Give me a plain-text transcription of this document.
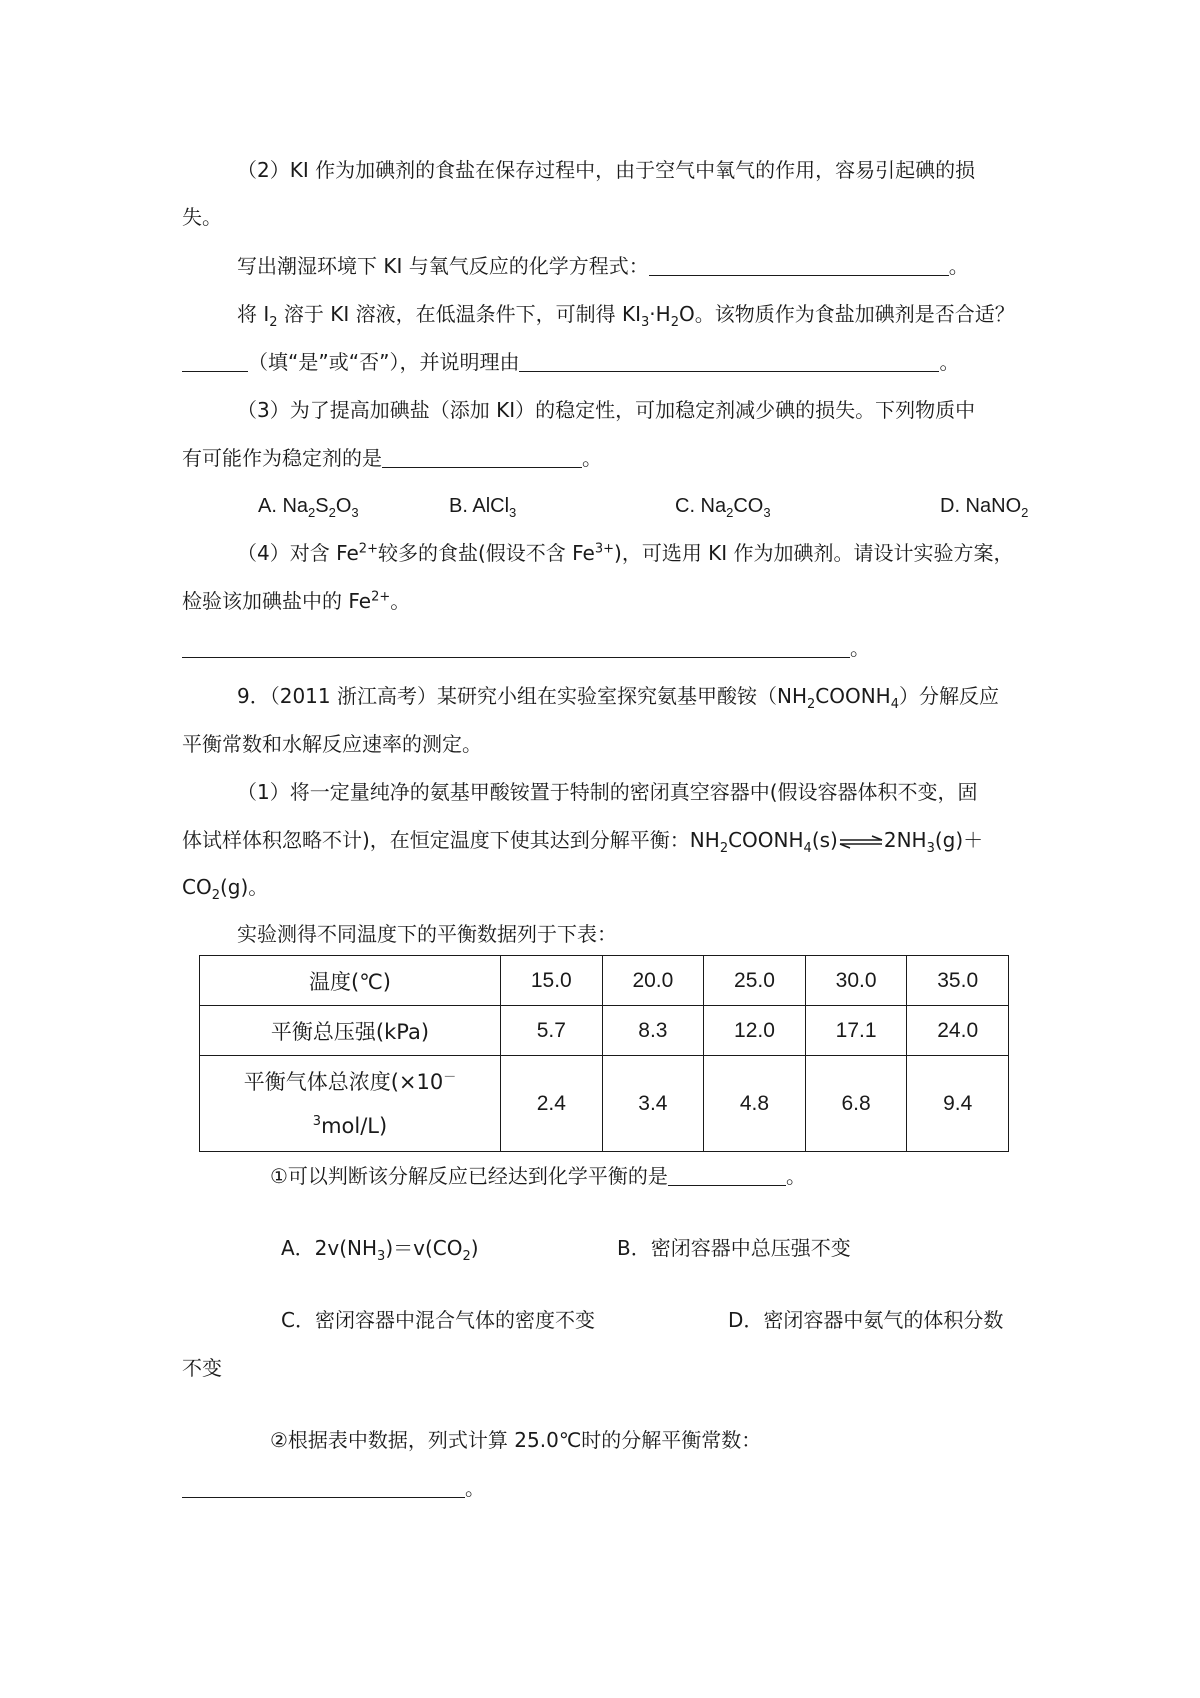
（2）KI 作为加碘剂的食盐在保存过程中，由于空气中氧气的作用，容易引起碘的损
失。
写出潮湿环境下 KI 与氧气反应的化学方程式：	。
将 $I_2$ 溶于 KI 溶液，在低温条件下，可制得 $KI_3\cdot H_2O$。该物质作为食盐加碘剂是否合适？
（填“是”或“否”），并说明理由	。
（3）为了提高加碘盐（添加 KI）的稳定性，可加稳定剂减少碘的损失。下列物质中
有可能作为稳定剂的是	。
A. $Na_2S_2O_3$	B. AlCl$_3$	C. $Na_2CO_3$	D. NaNO$_2$
（4）对含 $Fe^{2+}$较多的食盐(假设不含 $Fe^{3+}$)，可选用 KI 作为加碘剂。请设计实验方案，
检验该加碘盐中的 $Fe^{2+}$。
。
9．（2011 浙江高考）某研究小组在实验室探究氨基甲酸铵$(NH_2COONH_4)$分解反应
平衡常数和水解反应速率的测定。
（1）将一定量纯净的氨基甲酸铵置于特制的密闭真空容器中(假设容器体积不变，固
体试样体积忽略不计)，在恒定温度下使其达到分解平衡：$NH_2COONH_4(s)\rightleftharpoons 2NH_3(g)+$
$CO_2(g)$。
实验测得不同温度下的平衡数据列于下表：
温度(℃)	15.0	20.0	25.0	30.0	35.0
平衡总压强(kPa)	5.7	8.3	12.0	17.1	24.0
平衡气体总浓度(×10－
$^3$mol/L)	2.4	3.4	4.8	6.8	9.4
①可以判断该分解反应已经达到化学平衡的是	。
A．$2v(NH_3)=v(CO_2)$	B．密闭容器中总压强不变
C．密闭容器中混合气体的密度不变	D．密闭容器中氨气的体积分数
不变
②根据表中数据，列式计算 25.0℃时的分解平衡常数：
。
